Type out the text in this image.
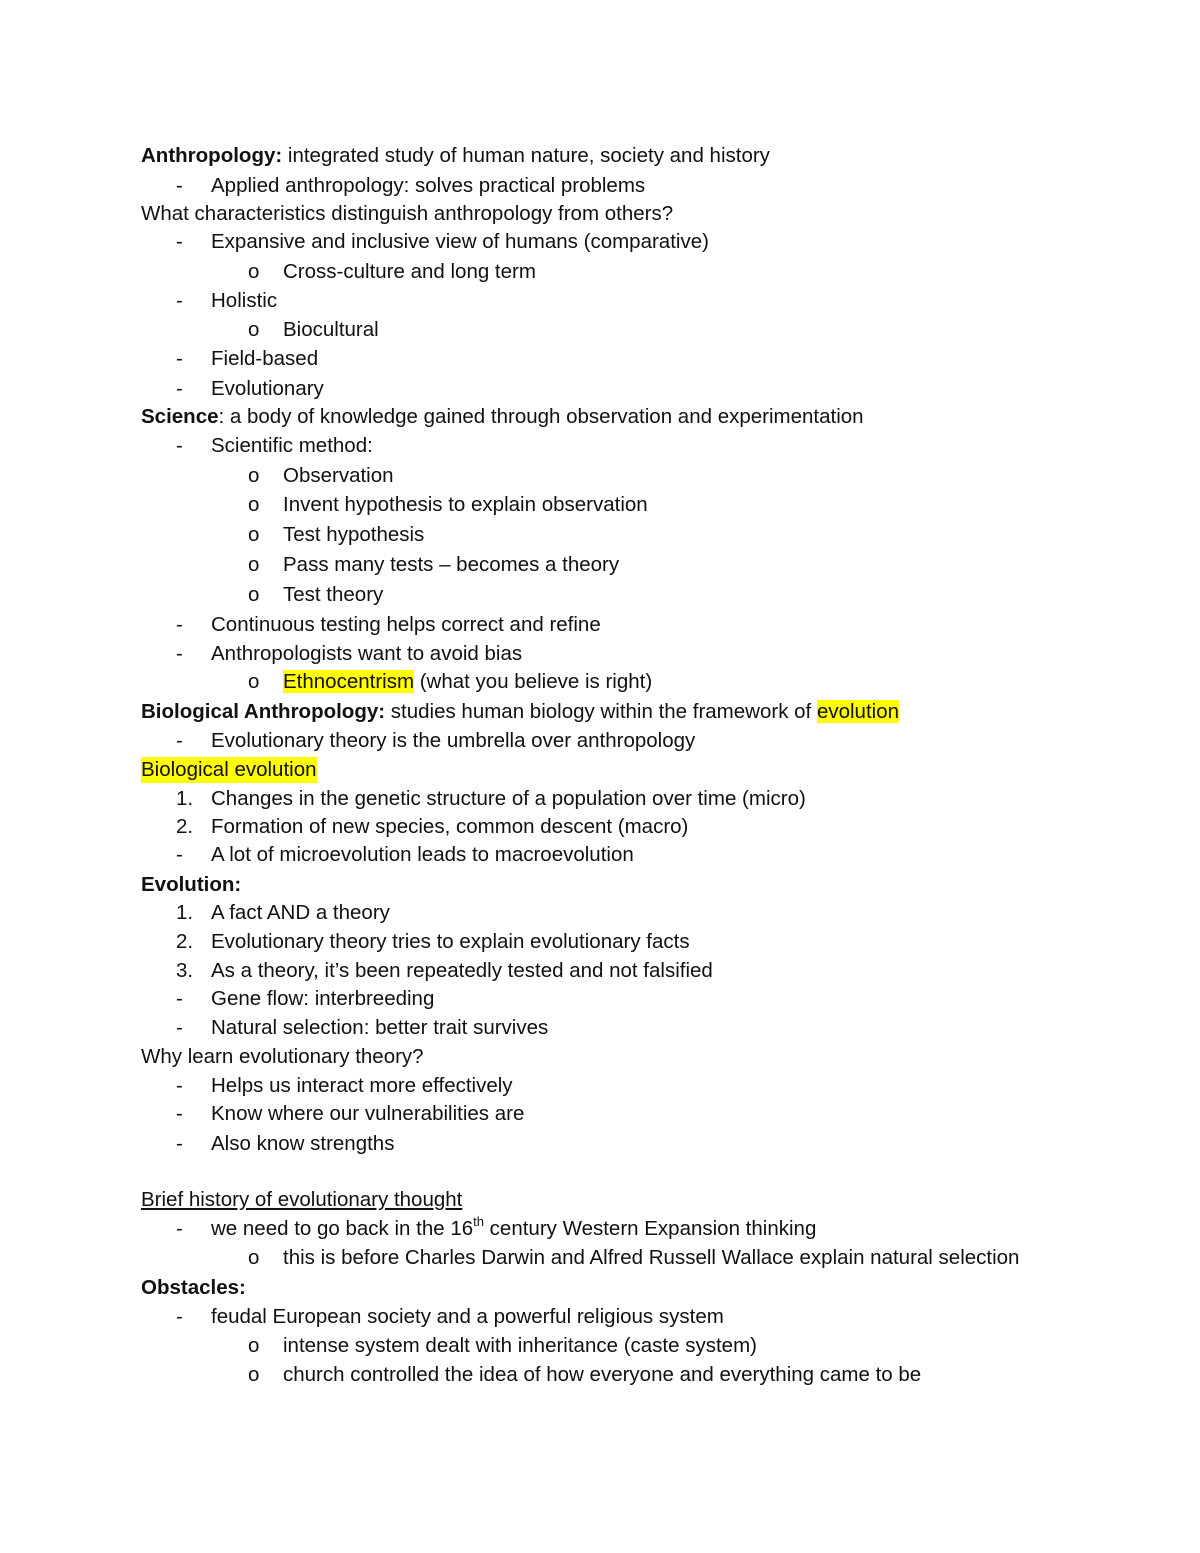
Anthropology: integrated study of human nature, society and history
- Applied anthropology: solves practical problems
What characteristics distinguish anthropology from others?
- Expansive and inclusive view of humans (comparative)
o Cross-culture and long term
- Holistic
o Biocultural
- Field-based
- Evolutionary
Science: a body of knowledge gained through observation and experimentation
- Scientific method:
o Observation
o Invent hypothesis to explain observation
o Test hypothesis
o Pass many tests – becomes a theory
o Test theory
- Continuous testing helps correct and refine
- Anthropologists want to avoid bias
o Ethnocentrism (what you believe is right)
Biological Anthropology: studies human biology within the framework of evolution
- Evolutionary theory is the umbrella over anthropology
Biological evolution
1. Changes in the genetic structure of a population over time (micro)
2. Formation of new species, common descent (macro)
- A lot of microevolution leads to macroevolution
Evolution:
1. A fact AND a theory
2. Evolutionary theory tries to explain evolutionary facts
3. As a theory, it’s been repeatedly tested and not falsified
- Gene flow: interbreeding
- Natural selection: better trait survives
Why learn evolutionary theory?
- Helps us interact more effectively
- Know where our vulnerabilities are
- Also know strengths
Brief history of evolutionary thought
- we need to go back in the 16th century Western Expansion thinking
o this is before Charles Darwin and Alfred Russell Wallace explain natural selection
Obstacles:
- feudal European society and a powerful religious system
o intense system dealt with inheritance (caste system)
o church controlled the idea of how everyone and everything came to be
